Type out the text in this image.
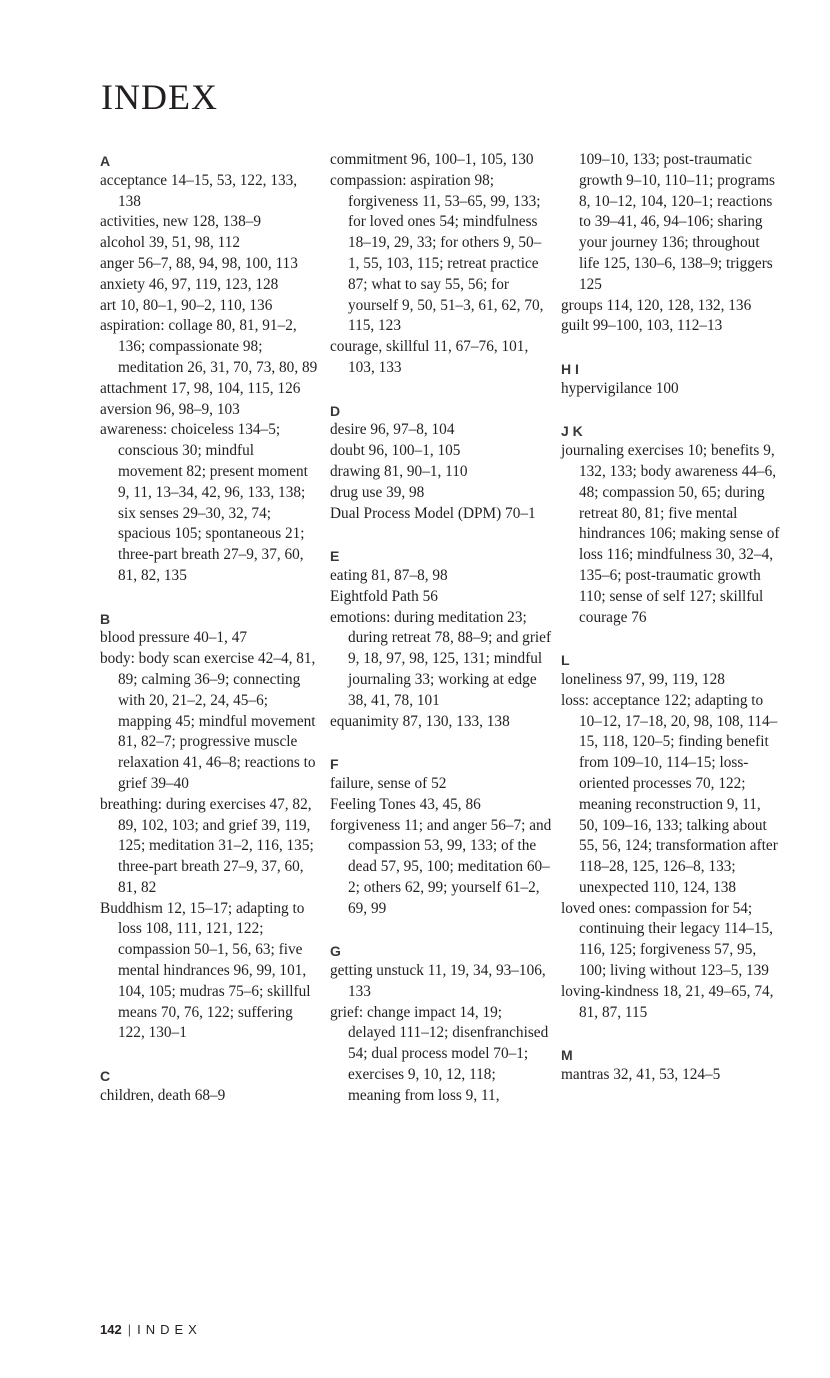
INDEX
A
acceptance 14–15, 53, 122, 133, 138
activities, new 128, 138–9
alcohol 39, 51, 98, 112
anger 56–7, 88, 94, 98, 100, 113
anxiety 46, 97, 119, 123, 128
art 10, 80–1, 90–2, 110, 136
aspiration: collage 80, 81, 91–2, 136; compassionate 98; meditation 26, 31, 70, 73, 80, 89
attachment 17, 98, 104, 115, 126
aversion 96, 98–9, 103
awareness: choiceless 134–5; conscious 30; mindful movement 82; present moment 9, 11, 13–34, 42, 96, 133, 138; six senses 29–30, 32, 74; spacious 105; spontaneous 21; three-part breath 27–9, 37, 60, 81, 82, 135
B
blood pressure 40–1, 47
body: body scan exercise 42–4, 81, 89; calming 36–9; connecting with 20, 21–2, 24, 45–6; mapping 45; mindful movement 81, 82–7; progressive muscle relaxation 41, 46–8; reactions to grief 39–40
breathing: during exercises 47, 82, 89, 102, 103; and grief 39, 119, 125; meditation 31–2, 116, 135; three-part breath 27–9, 37, 60, 81, 82
Buddhism 12, 15–17; adapting to loss 108, 111, 121, 122; compassion 50–1, 56, 63; five mental hindrances 96, 99, 101, 104, 105; mudras 75–6; skillful means 70, 76, 122; suffering 122, 130–1
C
children, death 68–9
commitment 96, 100–1, 105, 130
compassion: aspiration 98; forgiveness 11, 53–65, 99, 133; for loved ones 54; mindfulness 18–19, 29, 33; for others 9, 50–1, 55, 103, 115; retreat practice 87; what to say 55, 56; for yourself 9, 50, 51–3, 61, 62, 70, 115, 123
courage, skillful 11, 67–76, 101, 103, 133
D
desire 96, 97–8, 104
doubt 96, 100–1, 105
drawing 81, 90–1, 110
drug use 39, 98
Dual Process Model (DPM) 70–1
E
eating 81, 87–8, 98
Eightfold Path 56
emotions: during meditation 23; during retreat 78, 88–9; and grief 9, 18, 97, 98, 125, 131; mindful journaling 33; working at edge 38, 41, 78, 101
equanimity 87, 130, 133, 138
F
failure, sense of 52
Feeling Tones 43, 45, 86
forgiveness 11; and anger 56–7; and compassion 53, 99, 133; of the dead 57, 95, 100; meditation 60–2; others 62, 99; yourself 61–2, 69, 99
G
getting unstuck 11, 19, 34, 93–106, 133
grief: change impact 14, 19; delayed 111–12; disenfranchised 54; dual process model 70–1; exercises 9, 10, 12, 118; meaning from loss 9, 11,
109–10, 133; post-traumatic growth 9–10, 110–11; programs 8, 10–12, 104, 120–1; reactions to 39–41, 46, 94–106; sharing your journey 136; throughout life 125, 130–6, 138–9; triggers 125
groups 114, 120, 128, 132, 136
guilt 99–100, 103, 112–13
H I
hypervigilance 100
J K
journaling exercises 10; benefits 9, 132, 133; body awareness 44–6, 48; compassion 50, 65; during retreat 80, 81; five mental hindrances 106; making sense of loss 116; mindfulness 30, 32–4, 135–6; post-traumatic growth 110; sense of self 127; skillful courage 76
L
loneliness 97, 99, 119, 128
loss: acceptance 122; adapting to 10–12, 17–18, 20, 98, 108, 114–15, 118, 120–5; finding benefit from 109–10, 114–15; loss-oriented processes 70, 122; meaning reconstruction 9, 11, 50, 109–16, 133; talking about 55, 56, 124; transformation after 118–28, 125, 126–8, 133; unexpected 110, 124, 138
loved ones: compassion for 54; continuing their legacy 114–15, 116, 125; forgiveness 57, 95, 100; living without 123–5, 139
loving-kindness 18, 21, 49–65, 74, 81, 87, 115
M
mantras 32, 41, 53, 124–5
142 | INDEX
